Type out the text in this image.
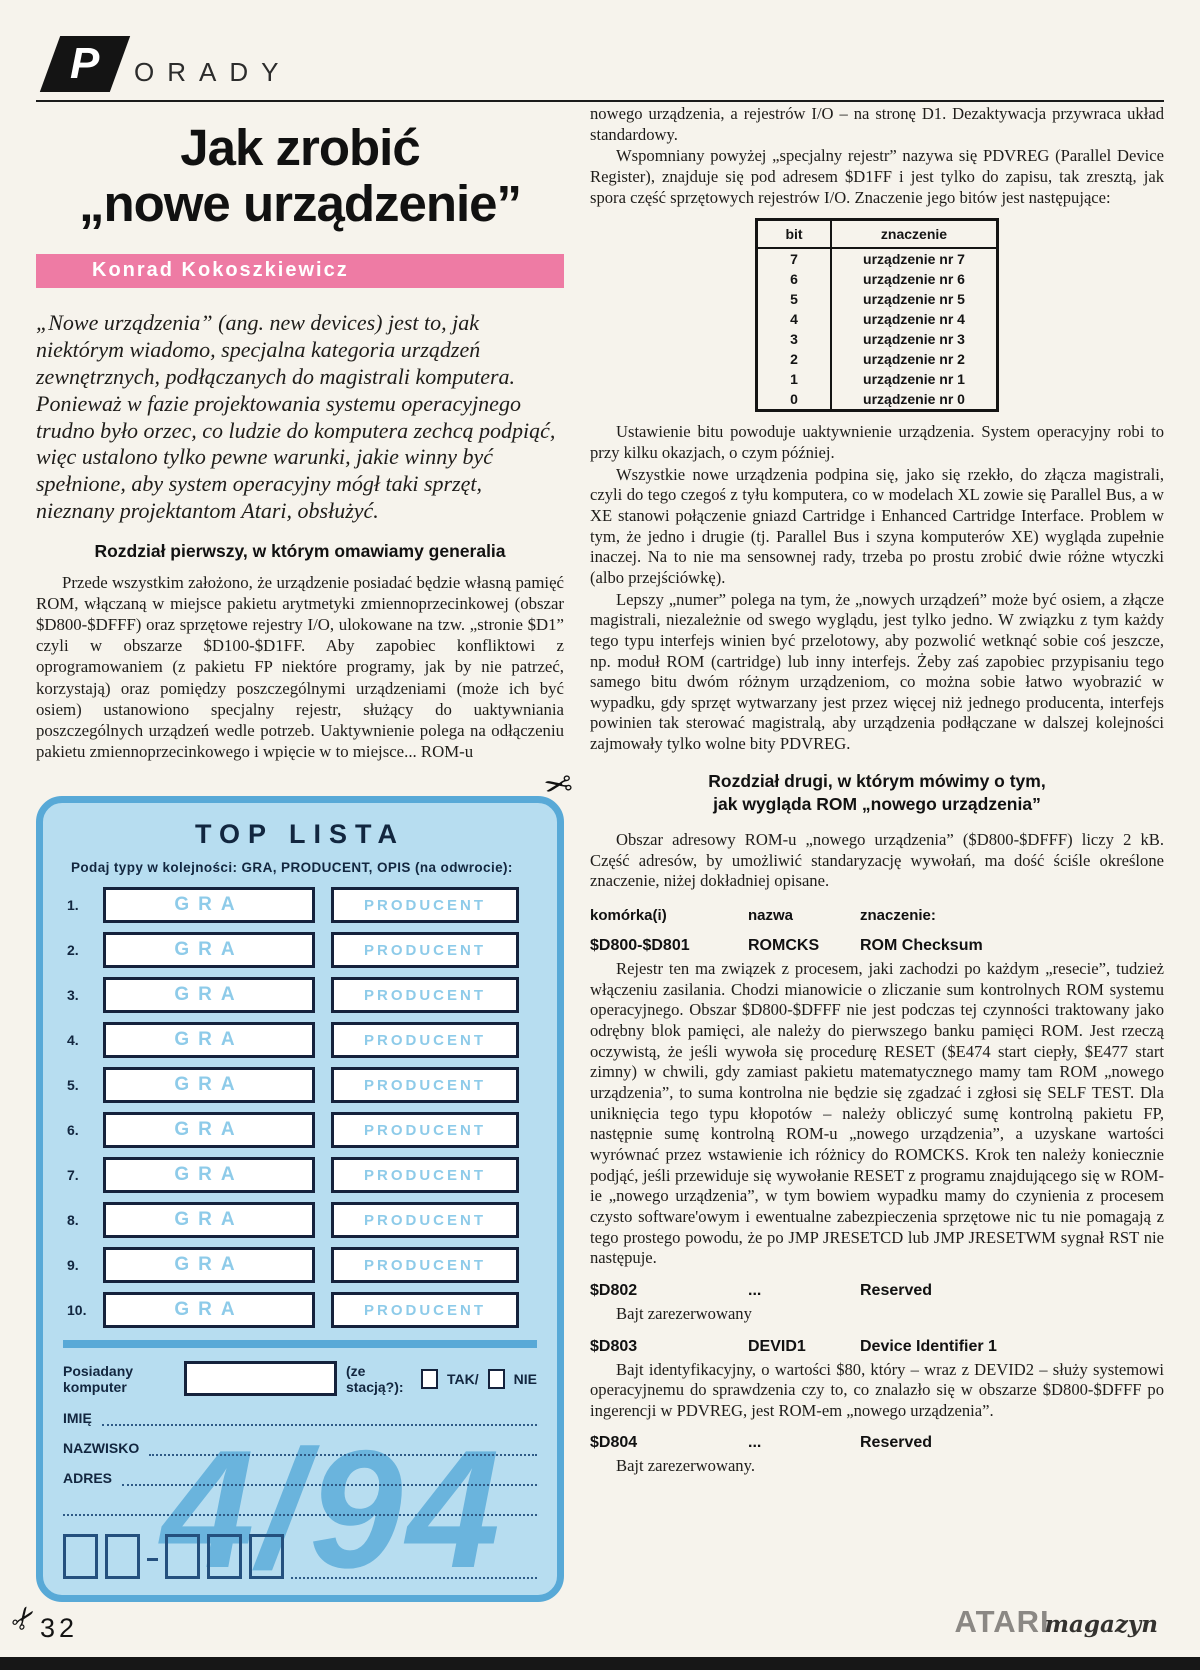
P ORADY
Jak zrobić
„nowe urządzenie”
Konrad Kokoszkiewicz

„Nowe urządzenia” (ang. new devices) jest to, jak niektórym wiadomo, specjalna kategoria urządzeń zewnętrznych, podłączanych do magistrali komputera. Ponieważ w fazie projektowania systemu operacyjnego trudno było orzec, co ludzie do komputera zechcą podpiąć, więc ustalono tylko pewne warunki, jakie winny być spełnione, aby system operacyjny mógł taki sprzęt, nieznany projektantom Atari, obsłużyć.

Rozdział pierwszy, w którym omawiamy generalia

Przede wszystkim założono, że urządzenie posiadać będzie własną pamięć ROM, włączaną w miejsce pakietu arytmetyki zmiennoprzecinkowej (obszar $D800-$DFFF) oraz sprzętowe rejestry I/O, ulokowane na tzw. „stronie $D1” czyli w obszarze $D100-$D1FF. Aby zapobiec konfliktowi z oprogramowaniem (z pakietu FP niektóre programy, jak by nie patrzeć, korzystają) oraz pomiędzy poszczególnymi urządzeniami (może ich być osiem) ustanowiono specjalny rejestr, służący do uaktywniania poszczególnych urządzeń wedle potrzeb. Uaktywnienie polega na odłączeniu pakietu zmiennoprzecinkowego i wpięcie w to miejsce... ROM-u

✂
✂
TOP LISTA
Podaj typy w kolejności: GRA, PRODUCENT, OPIS (na odwrocie):
1.	GRA	PRODUCENT
2.	GRA	PRODUCENT
3.	GRA	PRODUCENT
4.	GRA	PRODUCENT
5.	GRA	PRODUCENT
6.	GRA	PRODUCENT
7.	GRA	PRODUCENT
8.	GRA	PRODUCENT
9.	GRA	PRODUCENT
10.	GRA	PRODUCENT
Posiadany komputer
(ze stacją?):	TAK/	NIE
IMIĘ
NAZWISKO
ADRES 4/94

nowego urządzenia, a rejestrów I/O – na stronę D1. Dezaktywacja przywraca układ standardowy.

Wspomniany powyżej „specjalny rejestr” nazywa się PDVREG (Parallel Device Register), znajduje się pod adresem $D1FF i jest tylko do zapisu, tak zresztą, jak spora część sprzętowych rejestrów I/O. Znaczenie jego bitów jest następujące:

bit	znaczenie
7	urządzenie nr 7
6	urządzenie nr 6
5	urządzenie nr 5
4	urządzenie nr 4
3	urządzenie nr 3
2	urządzenie nr 2
1	urządzenie nr 1
0	urządzenie nr 0

Ustawienie bitu powoduje uaktywnienie urządzenia. System operacyjny robi to przy kilku okazjach, o czym później.

Wszystkie nowe urządzenia podpina się, jako się rzekło, do złącza magistrali, czyli do tego czegoś z tyłu komputera, co w modelach XL zowie się Parallel Bus, a w XE stanowi połączenie gniazd Cartridge i Enhanced Cartridge Interface. Problem w tym, że jedno i drugie (tj. Parallel Bus i szyna komputerów XE) wygląda zupełnie inaczej. Na to nie ma sensownej rady, trzeba po prostu zrobić dwie różne wtyczki (albo przejściówkę).

Lepszy „numer” polega na tym, że „nowych urządzeń” może być osiem, a złącze magistrali, niezależnie od swego wyglądu, jest tylko jedno. W związku z tym każdy tego typu interfejs winien być przelotowy, aby pozwolić wetknąć sobie coś jeszcze, np. moduł ROM (cartridge) lub inny interfejs. Żeby zaś zapobiec przypisaniu tego samego bitu dwóm różnym urządzeniom, co można sobie łatwo wyobrazić w wypadku, gdy sprzęt wytwarzany jest przez więcej niż jednego producenta, interfejs powinien tak sterować magistralą, aby urządzenia podłączane w dalszej kolejności zajmowały tylko wolne bity PDVREG.

Rozdział drugi, w którym mówimy o tym,
jak wygląda ROM „nowego urządzenia”

Obszar adresowy ROM-u „nowego urządzenia” ($D800-$DFFF) liczy 2 kB. Część adresów, by umożliwić standaryzację wywołań, ma dość ściśle określone znaczenie, niżej dokładniej opisane.

komórka(i)	nazwa	znaczenie:
$D800-$D801	ROMCKS	ROM Checksum

Rejestr ten ma związek z procesem, jaki zachodzi po każdym „resecie”, tudzież włączeniu zasilania. Chodzi mianowicie o zliczanie sum kontrolnych ROM systemu operacyjnego. Obszar $D800-$DFFF nie jest podczas tej czynności traktowany jako odrębny blok pamięci, ale należy do pierwszego banku pamięci ROM. Jest rzeczą oczywistą, że jeśli wywoła się procedurę RESET ($E474 start ciepły, $E477 start zimny) w chwili, gdy zamiast pakietu matematycznego mamy tam ROM „nowego urządzenia”, to suma kontrolna nie będzie się zgadzać i zgłosi się SELF TEST. Dla uniknięcia tego typu kłopotów – należy obliczyć sumę kontrolną pakietu FP, następnie sumę kontrolną ROM-u „nowego urządzenia”, a uzyskane wartości wyrównać przez wstawienie ich różnicy do ROMCKS. Krok ten należy koniecznie podjąć, jeśli przewiduje się wywołanie RESET z programu znajdującego się w ROM-ie „nowego urządzenia”, w tym bowiem wypadku mamy do czynienia z procesem czysto software'owym i ewentualne zabezpieczenia sprzętowe nic tu nie pomagają z tego prostego powodu, że po JMP JRESETCD lub JMP JRESETWM sygnał RST nie następuje.

$D802	...	Reserved

Bajt zarezerwowany

$D803	DEVID1	Device Identifier 1

Bajt identyfikacyjny, o wartości $80, który – wraz z DEVID2 – służy systemowi operacyjnemu do sprawdzenia czy to, co znalazło się w obszarze $D800-$DFFF po ingerencji w PDVREG, jest ROM-em „nowego urządzenia”.

$D804	...	Reserved

Bajt zarezerwowany.

32	ATARI
magazyn
